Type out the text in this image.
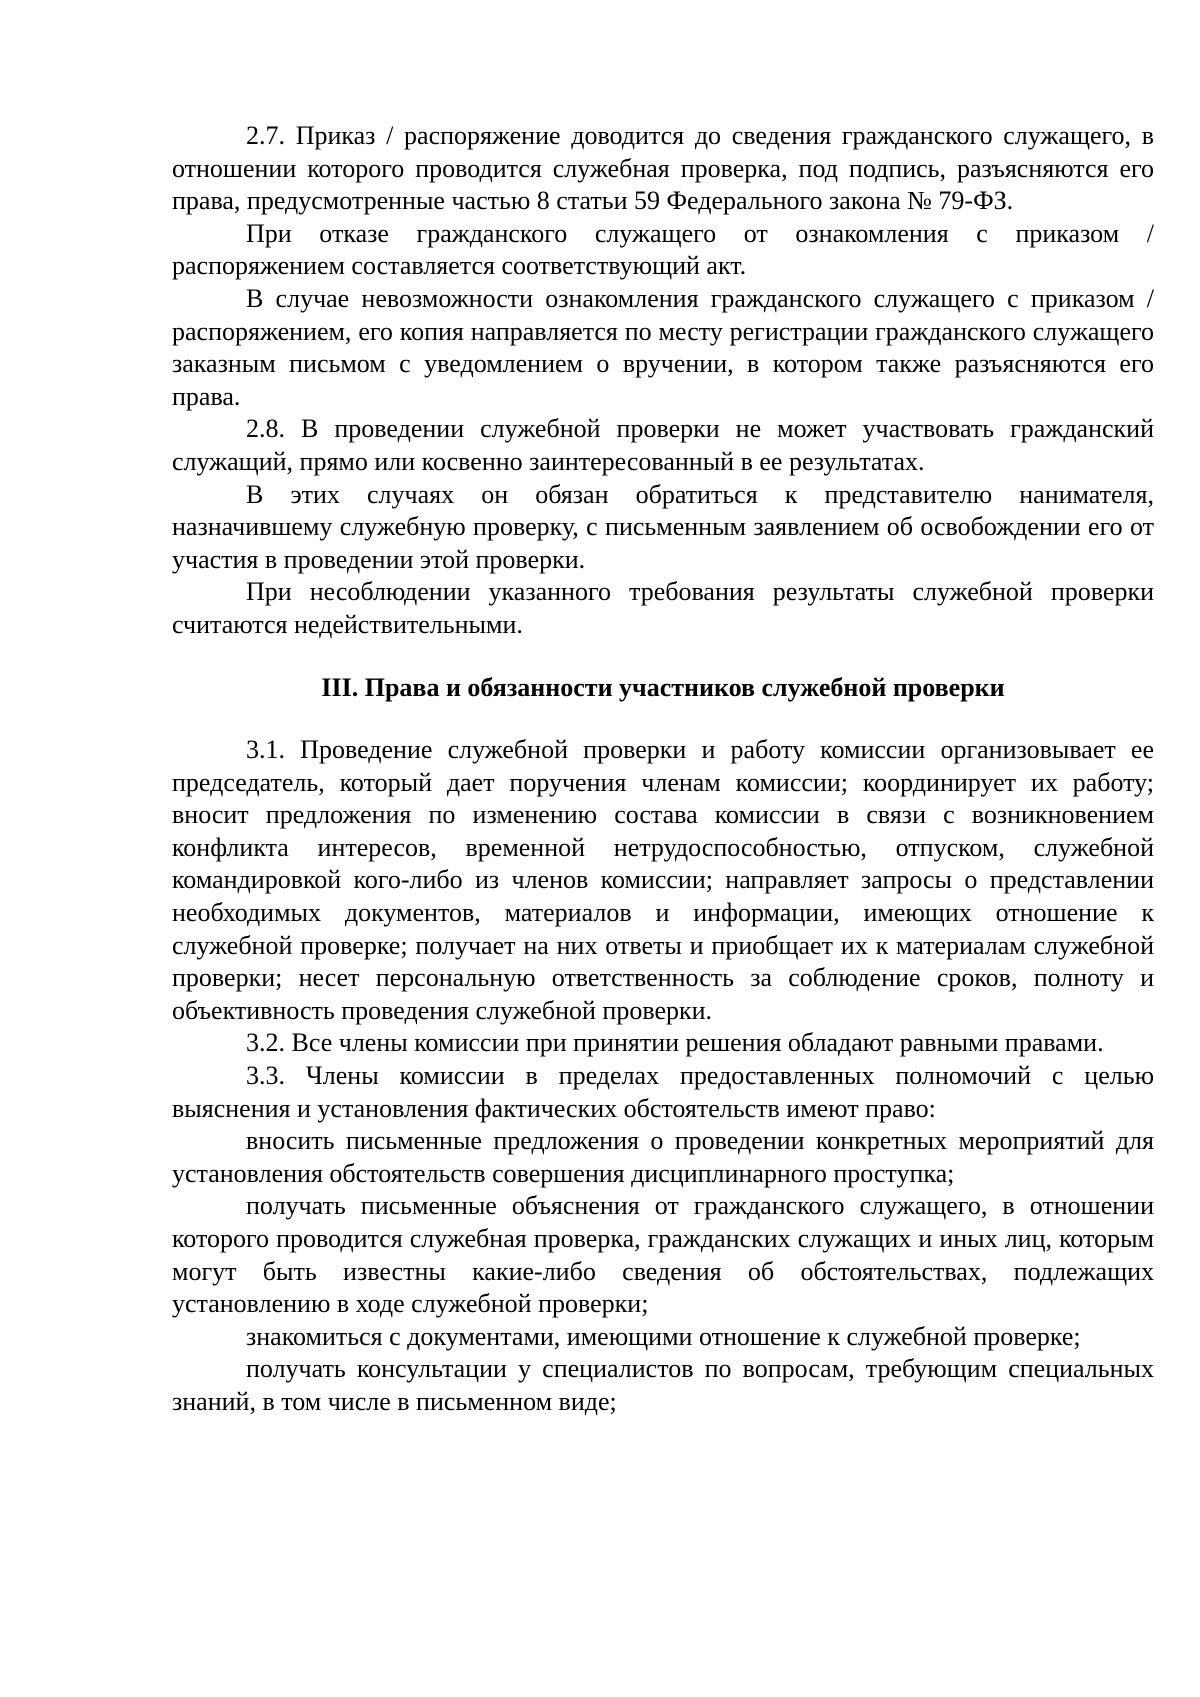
2.7. Приказ / распоряжение доводится до сведения гражданского служащего, в отношении которого проводится служебная проверка, под подпись, разъясняются его права, предусмотренные частью 8 статьи 59 Федерального закона № 79-ФЗ.

При отказе гражданского служащего от ознакомления с приказом / распоряжением составляется соответствующий акт.

В случае невозможности ознакомления гражданского служащего с приказом / распоряжением, его копия направляется по месту регистрации гражданского служащего заказным письмом с уведомлением о вручении, в котором также разъясняются его права.

2.8. В проведении служебной проверки не может участвовать гражданский служащий, прямо или косвенно заинтересованный в ее результатах.

В этих случаях он обязан обратиться к представителю нанимателя, назначившему служебную проверку, с письменным заявлением об освобождении его от участия в проведении этой проверки.

При несоблюдении указанного требования результаты служебной проверки считаются недействительными.

III. Права и обязанности участников служебной проверки

3.1. Проведение служебной проверки и работу комиссии организовывает ее председатель, который дает поручения членам комиссии; координирует их работу; вносит предложения по изменению состава комиссии в связи с возникновением конфликта интересов, временной нетрудоспособностью, отпуском, служебной командировкой кого-либо из членов комиссии; направляет запросы о представлении необходимых документов, материалов и информации, имеющих отношение к служебной проверке; получает на них ответы и приобщает их к материалам служебной проверки; несет персональную ответственность за соблюдение сроков, полноту и объективность проведения служебной проверки.

3.2. Все члены комиссии при принятии решения обладают равными правами.

3.3. Члены комиссии в пределах предоставленных полномочий с целью выяснения и установления фактических обстоятельств имеют право:

вносить письменные предложения о проведении конкретных мероприятий для установления обстоятельств совершения дисциплинарного проступка;

получать письменные объяснения от гражданского служащего, в отношении которого проводится служебная проверка, гражданских служащих и иных лиц, которым могут быть известны какие-либо сведения об обстоятельствах, подлежащих установлению в ходе служебной проверки;

знакомиться с документами, имеющими отношение к служебной проверке;

получать консультации у специалистов по вопросам, требующим специальных знаний, в том числе в письменном виде;
